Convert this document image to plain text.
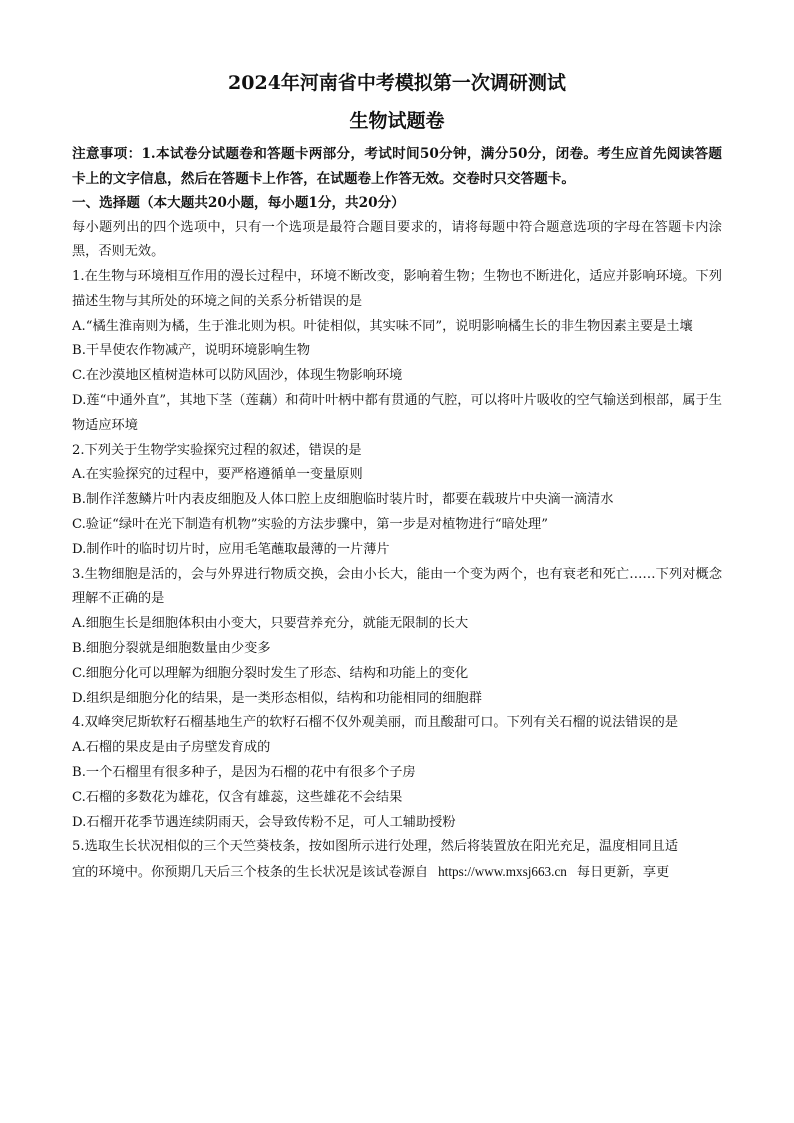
2024年河南省中考模拟第一次调研测试
生物试题卷

注意事项：1.本试卷分试题卷和答题卡两部分，考试时间50分钟，满分50分，闭卷。考生应首先阅读答题卡上的文字信息，然后在答题卡上作答，在试题卷上作答无效。交卷时只交答题卡。

一、选择题（本大题共20小题，每小题1分，共20分）

每小题列出的四个选项中，只有一个选项是最符合题目要求的，请将每题中符合题意选项的字母在答题卡内涂黑，否则无效。

1.在生物与环境相互作用的漫长过程中，环境不断改变，影响着生物；生物也不断进化，适应并影响环境。下列描述生物与其所处的环境之间的关系分析错误的是

A.“橘生淮南则为橘，生于淮北则为枳。叶徒相似，其实味不同”，说明影响橘生长的非生物因素主要是土壤

B.干旱使农作物减产，说明环境影响生物

C.在沙漠地区植树造林可以防风固沙，体现生物影响环境

D.莲“中通外直”，其地下茎（莲藕）和荷叶叶柄中都有贯通的气腔，可以将叶片吸收的空气输送到根部，属于生物适应环境

2.下列关于生物学实验探究过程的叙述，错误的是

A.在实验探究的过程中，要严格遵循单一变量原则

B.制作洋葱鳞片叶内表皮细胞及人体口腔上皮细胞临时装片时，都要在载玻片中央滴一滴清水

C.验证“绿叶在光下制造有机物”实验的方法步骤中，第一步是对植物进行“暗处理”

D.制作叶的临时切片时，应用毛笔蘸取最薄的一片薄片

3.生物细胞是活的，会与外界进行物质交换，会由小长大，能由一个变为两个，也有衰老和死亡……下列对概念理解不正确的是

A.细胞生长是细胞体积由小变大，只要营养充分，就能无限制的长大

B.细胞分裂就是细胞数量由少变多

C.细胞分化可以理解为细胞分裂时发生了形态、结构和功能上的变化

D.组织是细胞分化的结果，是一类形态相似，结构和功能相同的细胞群

4.双峰突尼斯软籽石榴基地生产的软籽石榴不仅外观美丽，而且酸甜可口。下列有关石榴的说法错误的是

A.石榴的果皮是由子房壁发育成的

B.一个石榴里有很多种子，是因为石榴的花中有很多个子房

C.石榴的多数花为雄花，仅含有雄蕊，这些雄花不会结果

D.石榴开花季节遇连续阴雨天，会导致传粉不足，可人工辅助授粉

5.选取生长状况相似的三个天竺葵枝条，按如图所示进行处理，然后将装置放在阳光充足，温度相同且适

宜的环境中。你预期几天后三个枝条的生长状况是该试卷源自 https://www.mxsj663.cn 每日更新，享更
